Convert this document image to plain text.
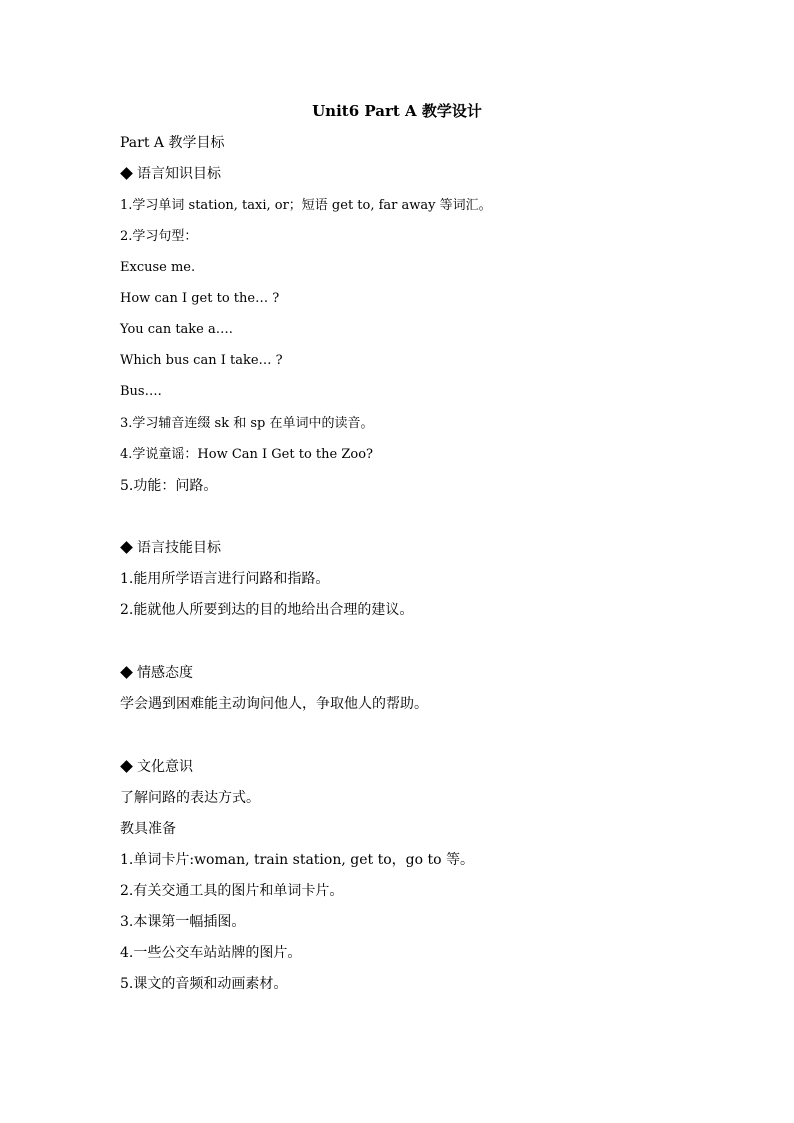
Unit6 Part A 教学设计
Part A 教学目标
语言知识目标
1.学习单词 station, taxi, or；短语 get to, far away 等词汇。
2.学习句型：
Excuse me.
How can I get to the… ?
You can take a….
Which bus can I take… ?
Bus….
3.学习辅音连缀 sk 和 sp 在单词中的读音。
4.学说童谣：How Can I Get to the Zoo?
5.功能：问路。
语言技能目标
1.能用所学语言进行问路和指路。
2.能就他人所要到达的目的地给出合理的建议。
情感态度
学会遇到困难能主动询问他人，争取他人的帮助。
文化意识
了解问路的表达方式。
教具准备
1.单词卡片:woman, train station, get to，go to 等。
2.有关交通工具的图片和单词卡片。
3.本课第一幅插图。
4.一些公交车站站牌的图片。
5.课文的音频和动画素材。
